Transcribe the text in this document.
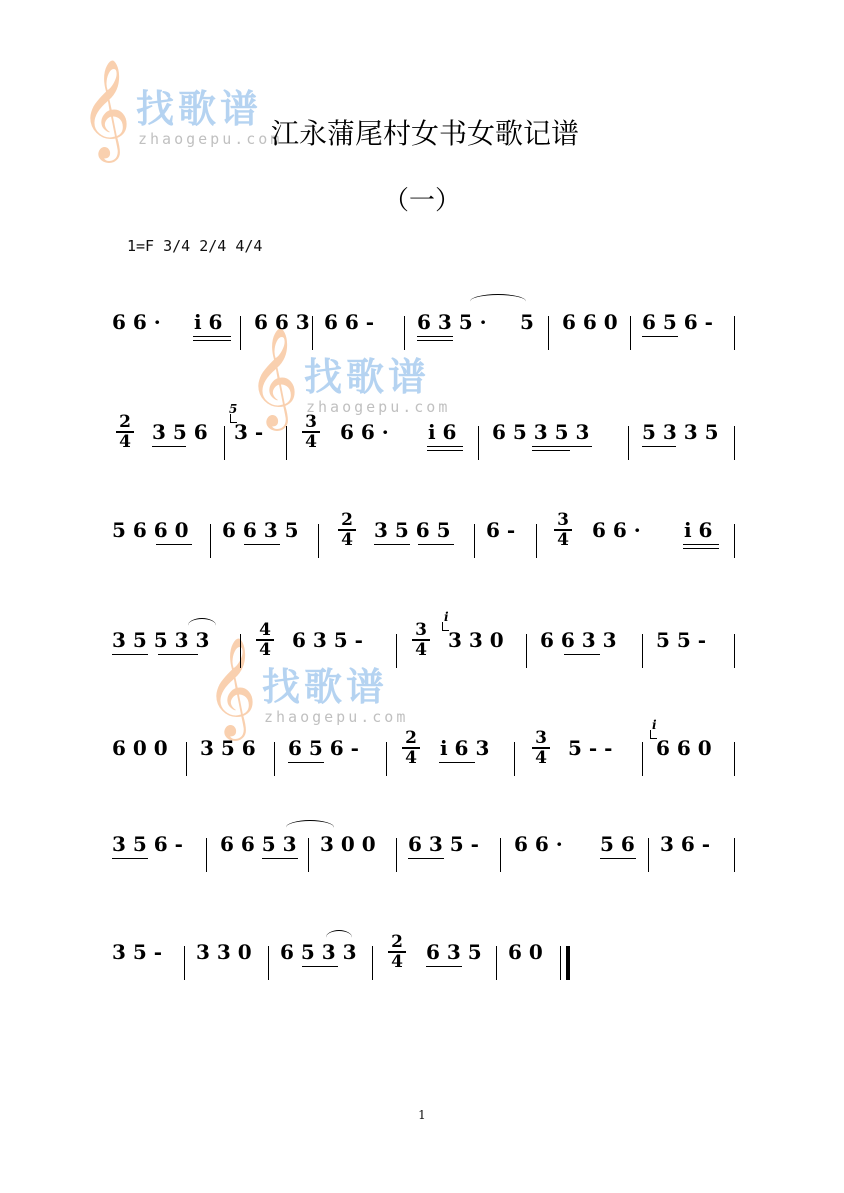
𝄞 找歌谱
zhaogepu.com
𝄞 找歌谱
zhaogepu.com
𝄞 找歌谱
zhaogepu.com
江永蒲尾村女书女歌记谱
（一）
1=F 3/4 2/4 4/4
6 6 · i 6 6 6 3 6 6 - 6 3 5 · 5 6 6 0 6 5 6 -
$\frac{2}{4} 3$ 5 6
5
$3 - \frac{3}{4} 6$ 6 · i 6 6 5 3 5 3	5 3 3 5
5 6 6 0 6 6 3 $5 \frac{2}{4} 3$ 5 6 5 $6 - \frac{3}{4} 6$ 6 · i 6
3 5 5 3 3	$\frac{4}{4} 6$ 3 5 -	$\frac{3}{4}$
i
3 3 0 6 6 3 3 5 5 -
6 0 0 3 5 6 6 5 6 -	$\frac{2}{4}$ i 6 3	$\frac{3}{4} 5$ - -
i
6 6 0
3 5 6 - 6 6 5 3 3 0 0 6 3 5 - 6 6 · 5 6 3 6 -
3 5 - 3 3 0 6 5 3 $3 \frac{2}{4} 6$ 3 5 6 0
1
